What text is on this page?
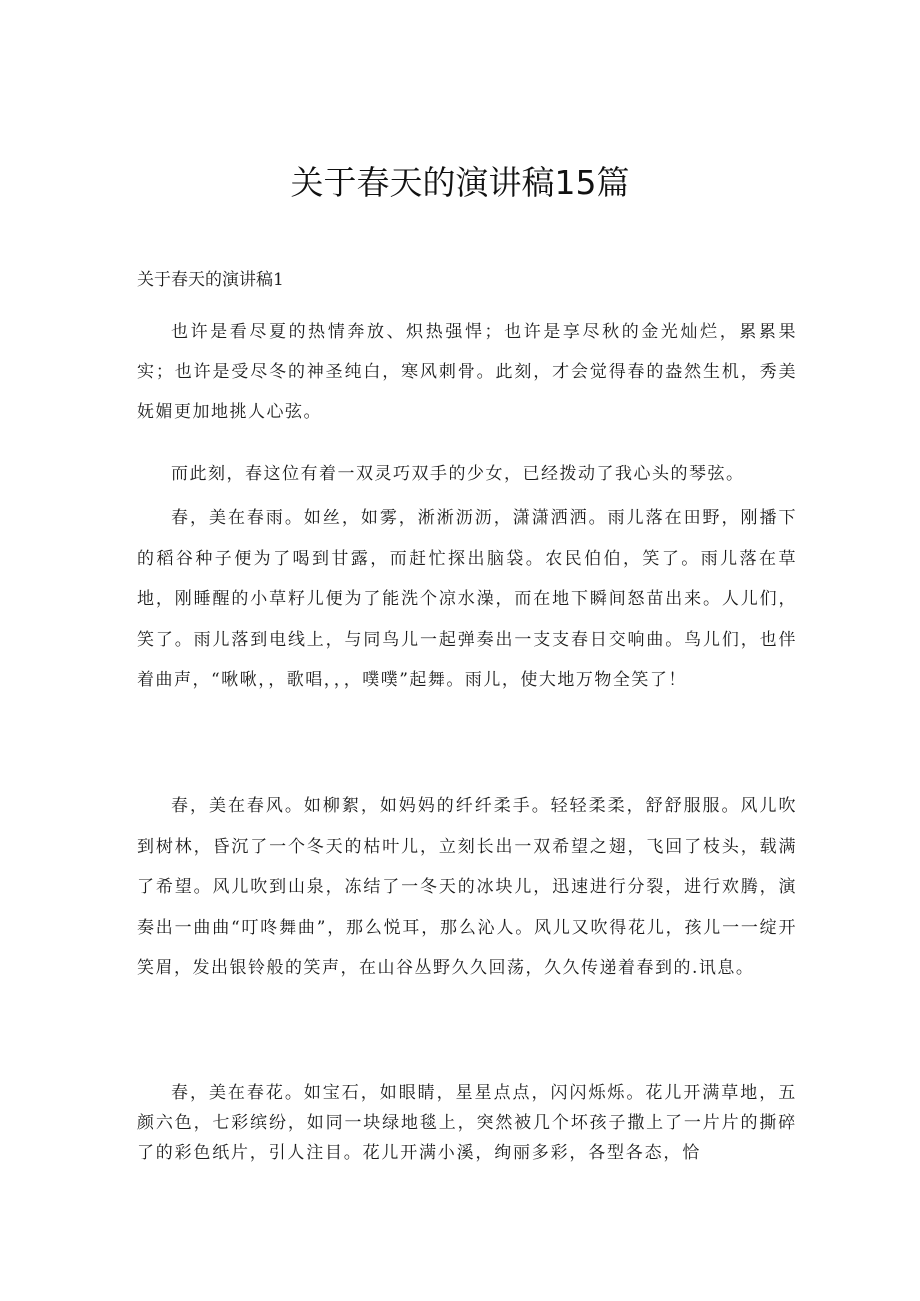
关于春天的演讲稿15篇
关于春天的演讲稿1

也许是看尽夏的热情奔放、炽热强悍；也许是享尽秋的金光灿烂，累累果实；也许是受尽冬的神圣纯白，寒风刺骨。此刻，才会觉得春的盎然生机，秀美妩媚更加地挑人心弦。

而此刻，春这位有着一双灵巧双手的少女，已经拨动了我心头的琴弦。

春，美在春雨。如丝，如雾，淅淅沥沥，潇潇洒洒。雨儿落在田野，刚播下的稻谷种子便为了喝到甘露，而赶忙探出脑袋。农民伯伯，笑了。雨儿落在草地，刚睡醒的小草籽儿便为了能洗个凉水澡，而在地下瞬间怒苗出来。人儿们，笑了。雨儿落到电线上，与同鸟儿一起弹奏出一支支春日交响曲。鸟儿们，也伴着曲声，“啾啾，，歌唱，，，噗噗”起舞。雨儿，使大地万物全笑了！

春，美在春风。如柳絮，如妈妈的纤纤柔手。轻轻柔柔，舒舒服服。风儿吹到树林，昏沉了一个冬天的枯叶儿，立刻长出一双希望之翅，飞回了枝头，载满了希望。风儿吹到山泉，冻结了一冬天的冰块儿，迅速进行分裂，进行欢腾，演奏出一曲曲“叮咚舞曲”，那么悦耳，那么沁人。风儿又吹得花儿，孩儿一一绽开笑眉，发出银铃般的笑声，在山谷丛野久久回荡，久久传递着春到的.讯息。

春，美在春花。如宝石，如眼睛，星星点点，闪闪烁烁。花儿开满草地，五颜六色，七彩缤纷，如同一块绿地毯上，突然被几个坏孩子撒上了一片片的撕碎了的彩色纸片，引人注目。花儿开满小溪，绚丽多彩，各型各态，恰
